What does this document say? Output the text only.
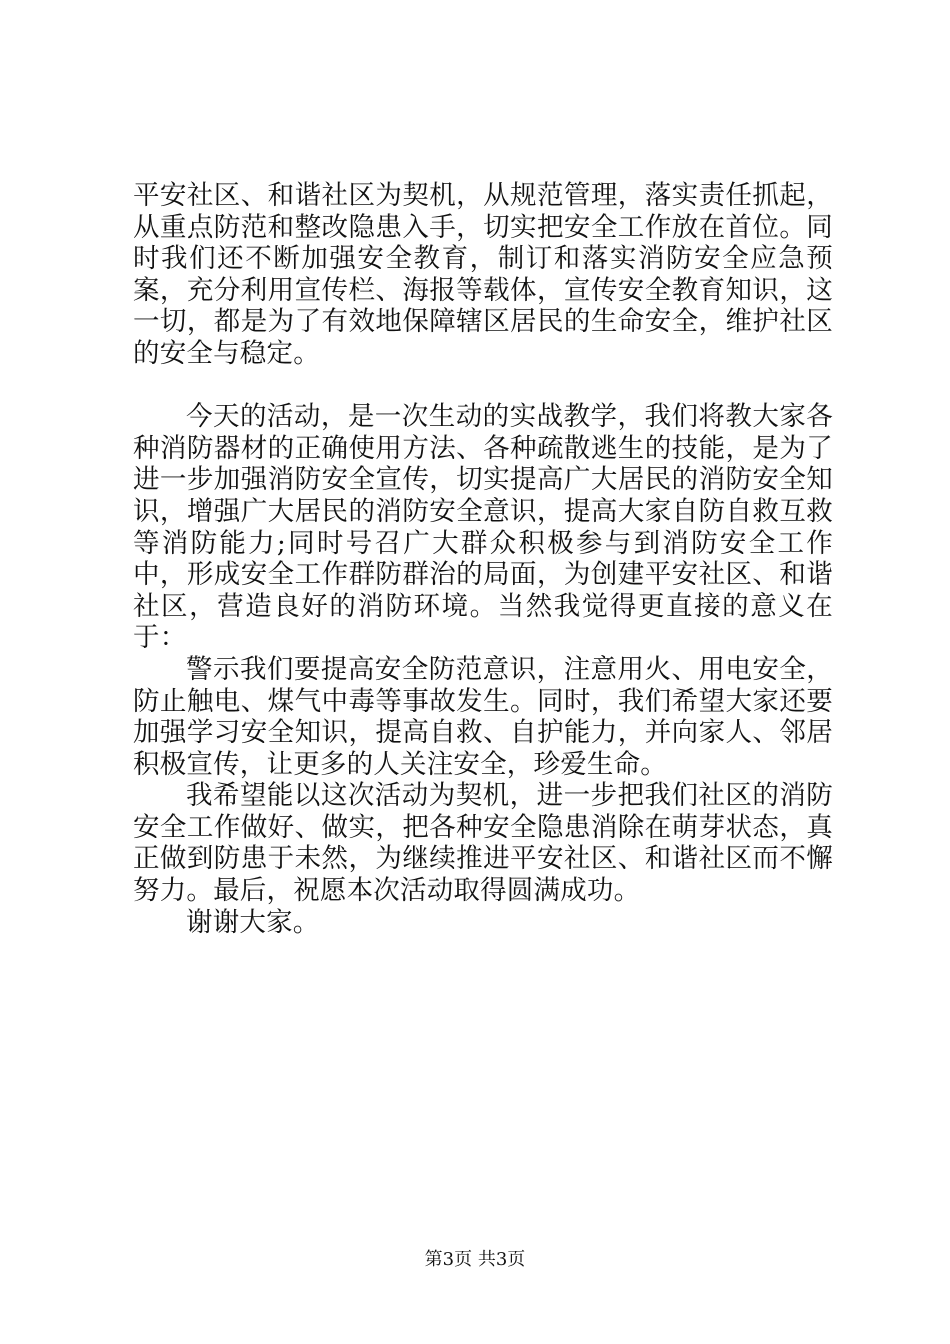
平安社区、和谐社区为契机，从规范管理，落实责任抓起，从重点防范和整改隐患入手，切实把安全工作放在首位。同时我们还不断加强安全教育，制订和落实消防安全应急预案，充分利用宣传栏、海报等载体，宣传安全教育知识，这一切，都是为了有效地保障辖区居民的生命安全，维护社区的安全与稳定。

今天的活动，是一次生动的实战教学，我们将教大家各种消防器材的正确使用方法、各种疏散逃生的技能，是为了进一步加强消防安全宣传，切实提高广大居民的消防安全知识，增强广大居民的消防安全意识，提高大家自防自救互救等消防能力;同时号召广大群众积极参与到消防安全工作中，形成安全工作群防群治的局面，为创建平安社区、和谐社区，营造良好的消防环境。当然我觉得更直接的意义在于：

警示我们要提高安全防范意识，注意用火、用电安全，防止触电、煤气中毒等事故发生。同时，我们希望大家还要加强学习安全知识，提高自救、自护能力，并向家人、邻居积极宣传，让更多的人关注安全，珍爱生命。

我希望能以这次活动为契机，进一步把我们社区的消防安全工作做好、做实，把各种安全隐患消除在萌芽状态，真正做到防患于未然，为继续推进平安社区、和谐社区而不懈努力。最后，祝愿本次活动取得圆满成功。

谢谢大家。

第3页 共3页
